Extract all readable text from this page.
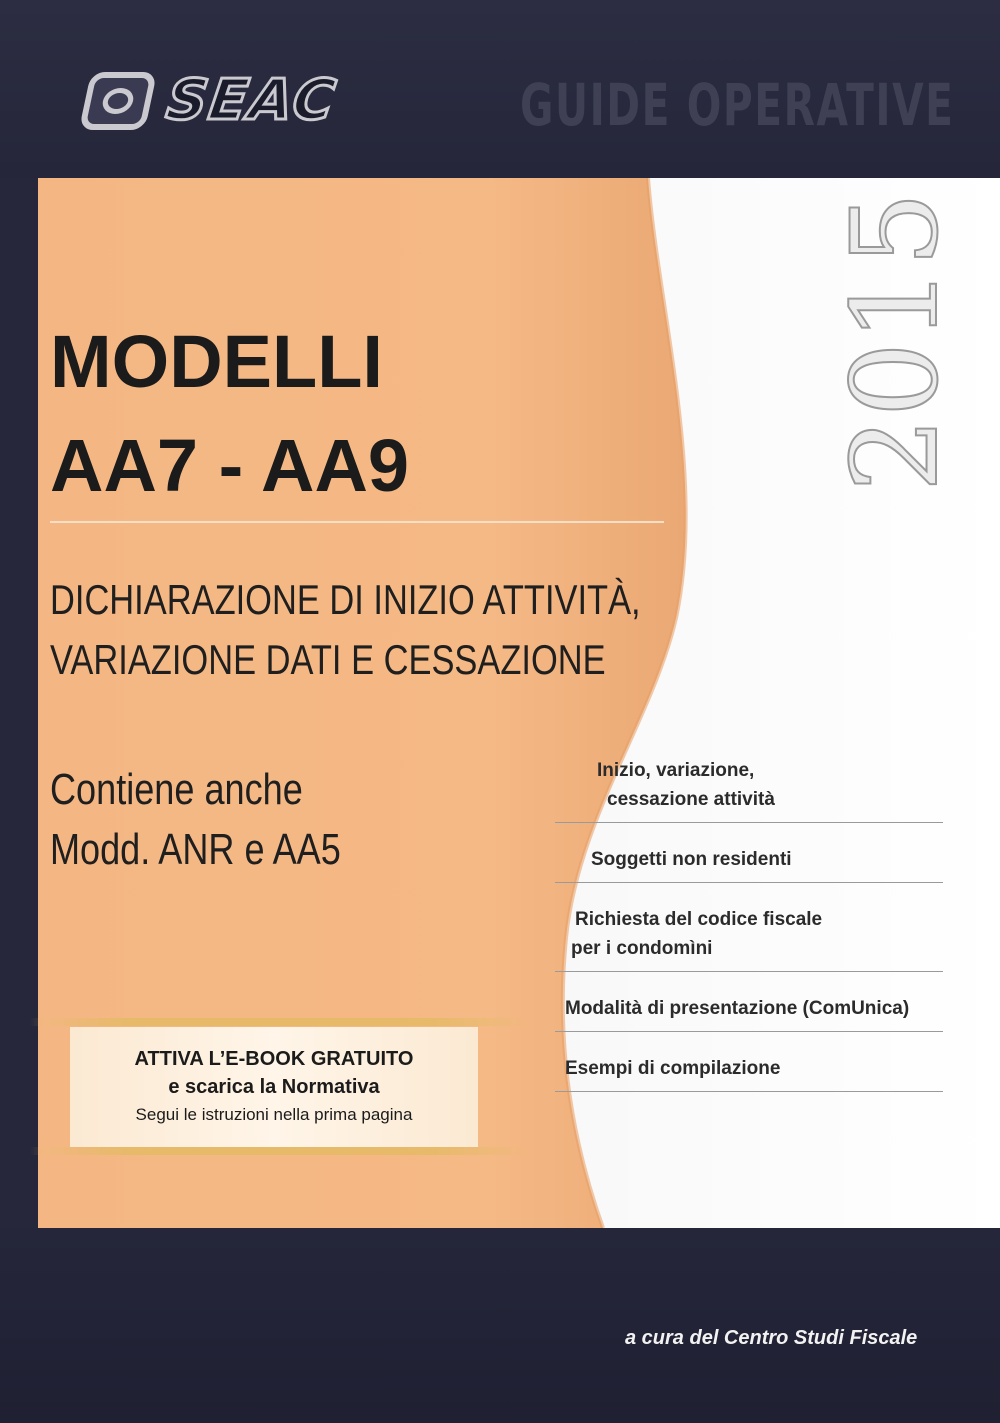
SEAC	GUIDE OPERATIVE
2015
MODELLI
AA7 - AA9
DICHIARAZIONE DI INIZIO ATTIVITÀ,
VARIAZIONE DATI E CESSAZIONE
Contiene anche
Modd. ANR e AA5
Inizio, variazione,
cessazione attività
Soggetti non residenti
Richiesta del codice fiscale
per i condomìni
Modalità di presentazione (ComUnica)
Esempi di compilazione
ATTIVA L’E-BOOK GRATUITO
e scarica la Normativa
Segui le istruzioni nella prima pagina
a cura del Centro Studi Fiscale
